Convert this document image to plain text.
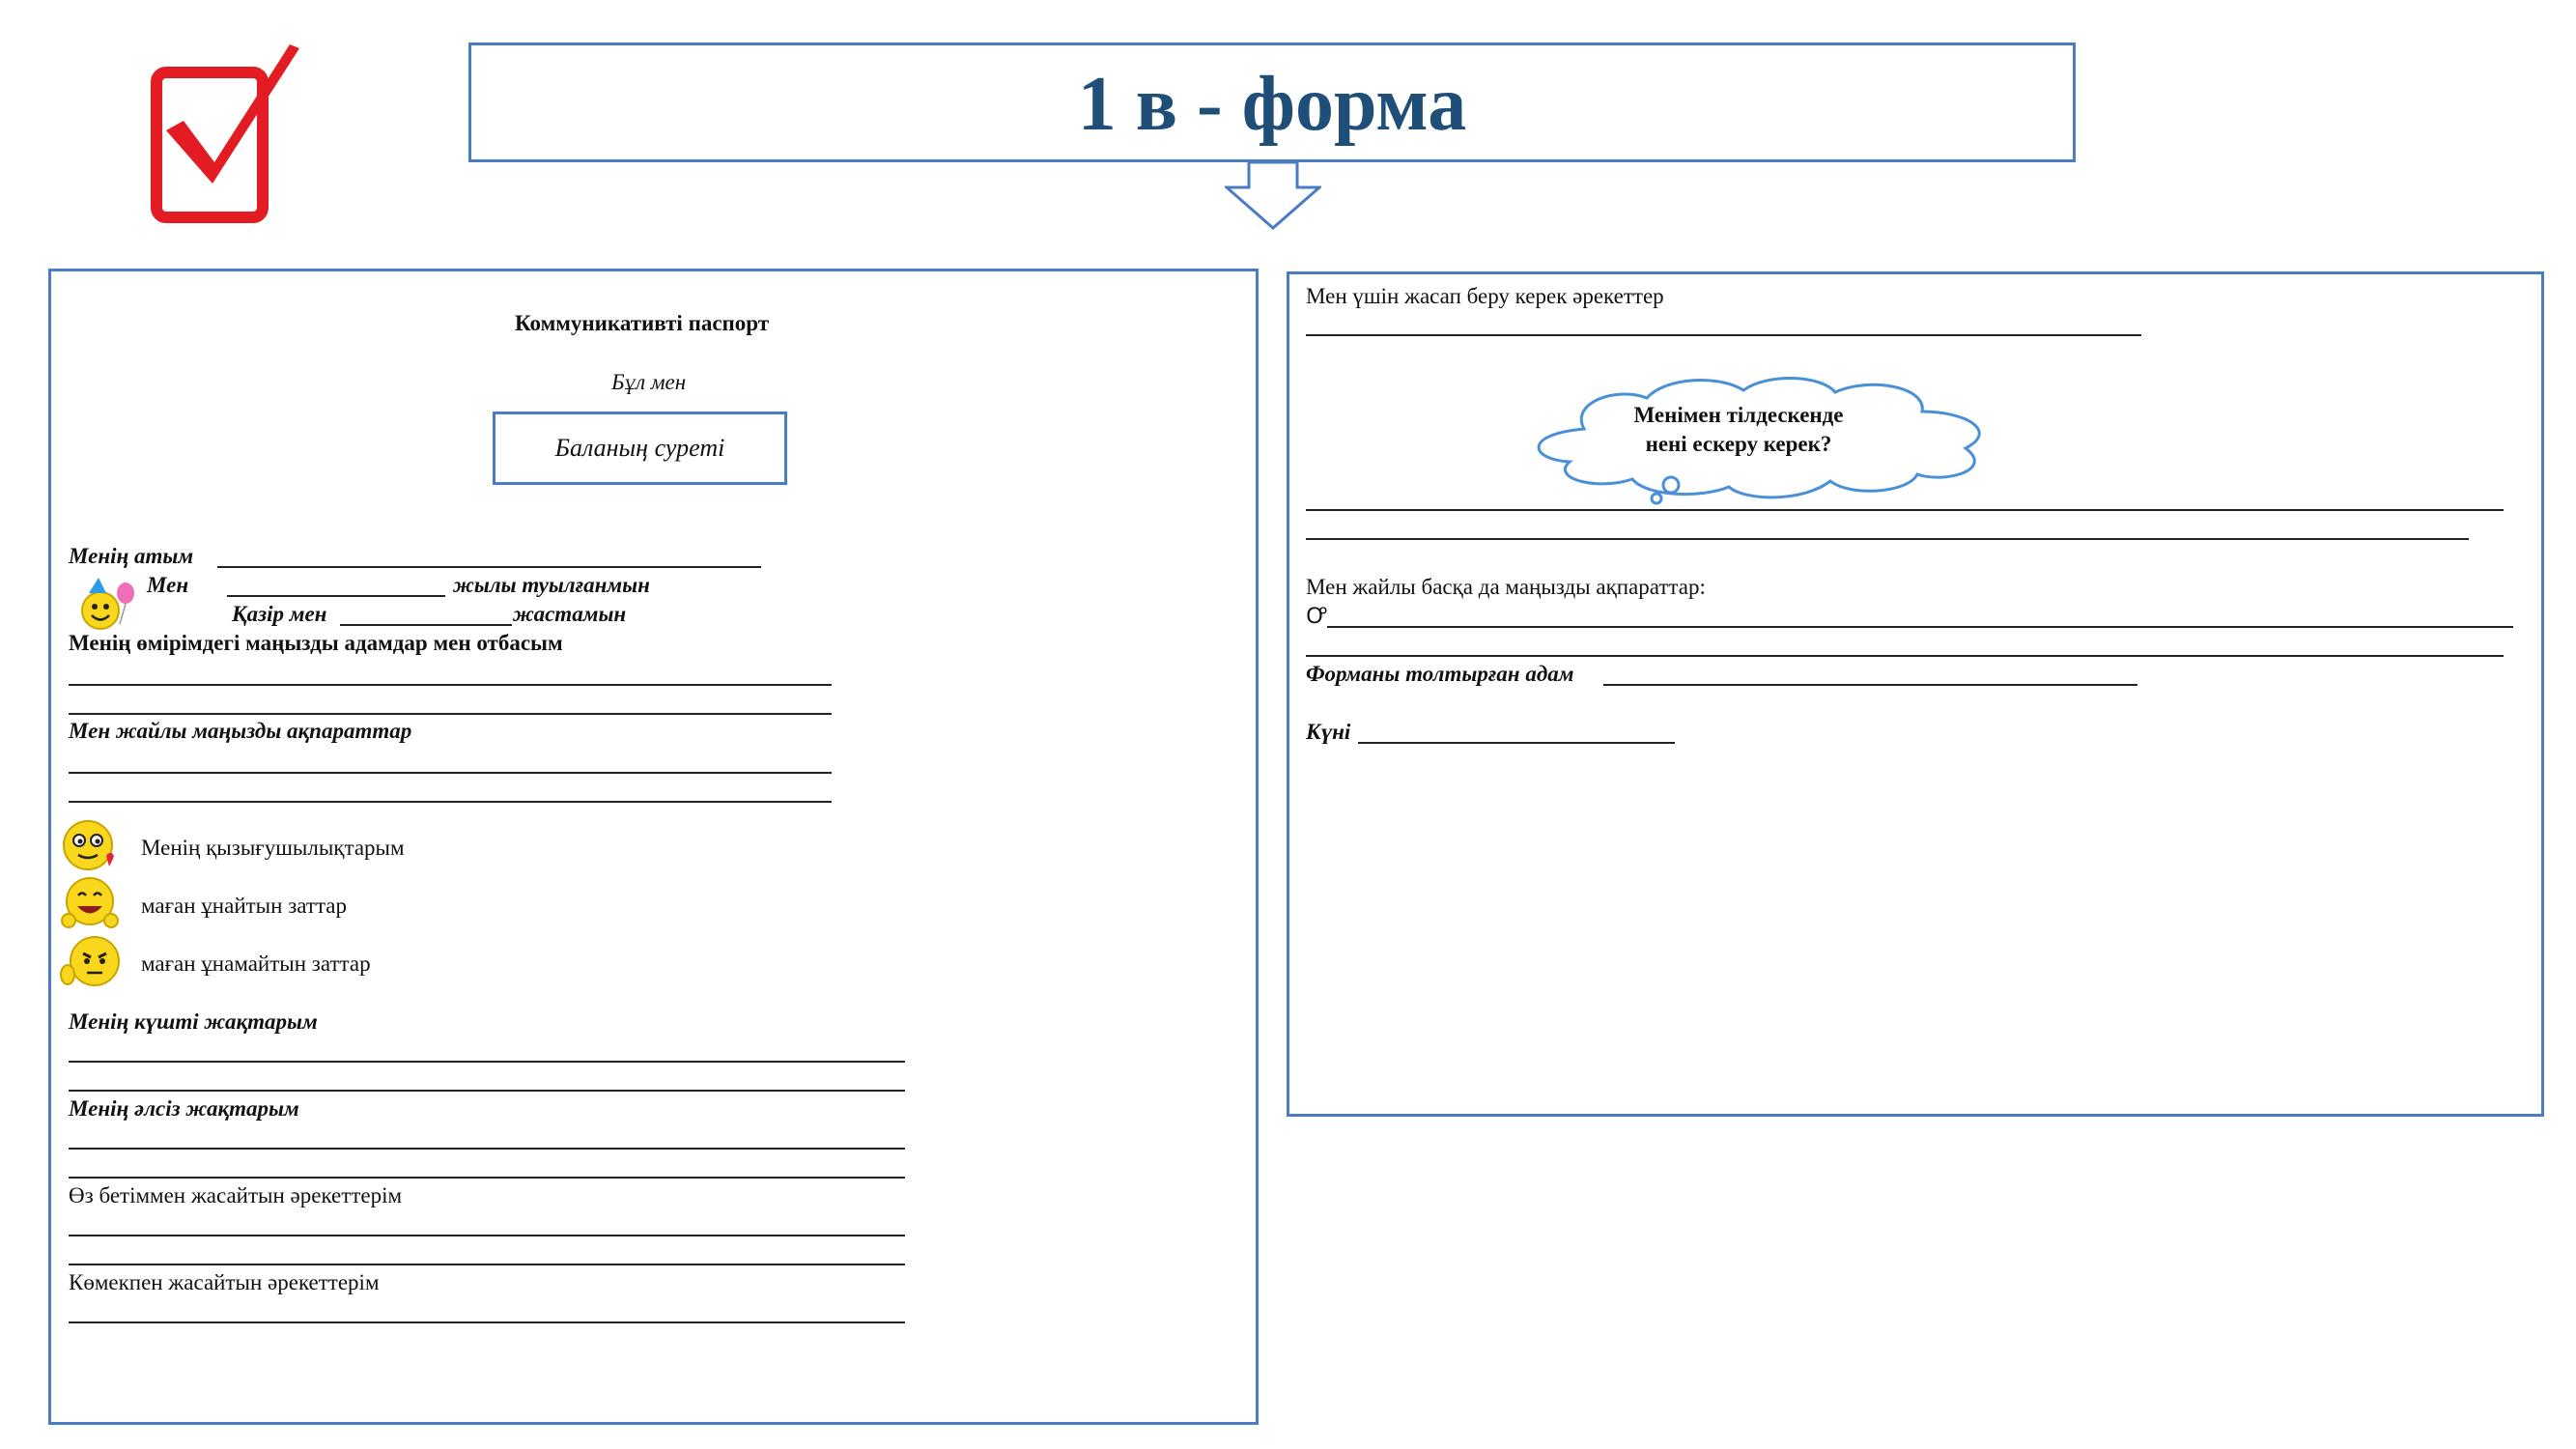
1 в - форма
Коммуникативті паспорт
Бұл мен
Баланың суреті
Менің атым
Мен	жылы туылғанмын
Қазір мен	жастамын
Менің өмірімдегі маңызды адамдар мен отбасым
Мен жайлы маңызды ақпараттар
Менің қызығушылықтарым
маған ұнайтын заттар
маған ұнамайтын заттар
Менің күшті жақтарым
Менің әлсіз жақтарым
Өз бетіммен жасайтын әрекеттерім
Көмекпен жасайтын әрекеттерім
Мен үшін жасап беру керек әрекеттер
Менімен тілдескенде
нені ескеру керек?
Мен жайлы басқа да маңызды ақпараттар:
Ꝍ
Форманы толтырған адам
Күні
